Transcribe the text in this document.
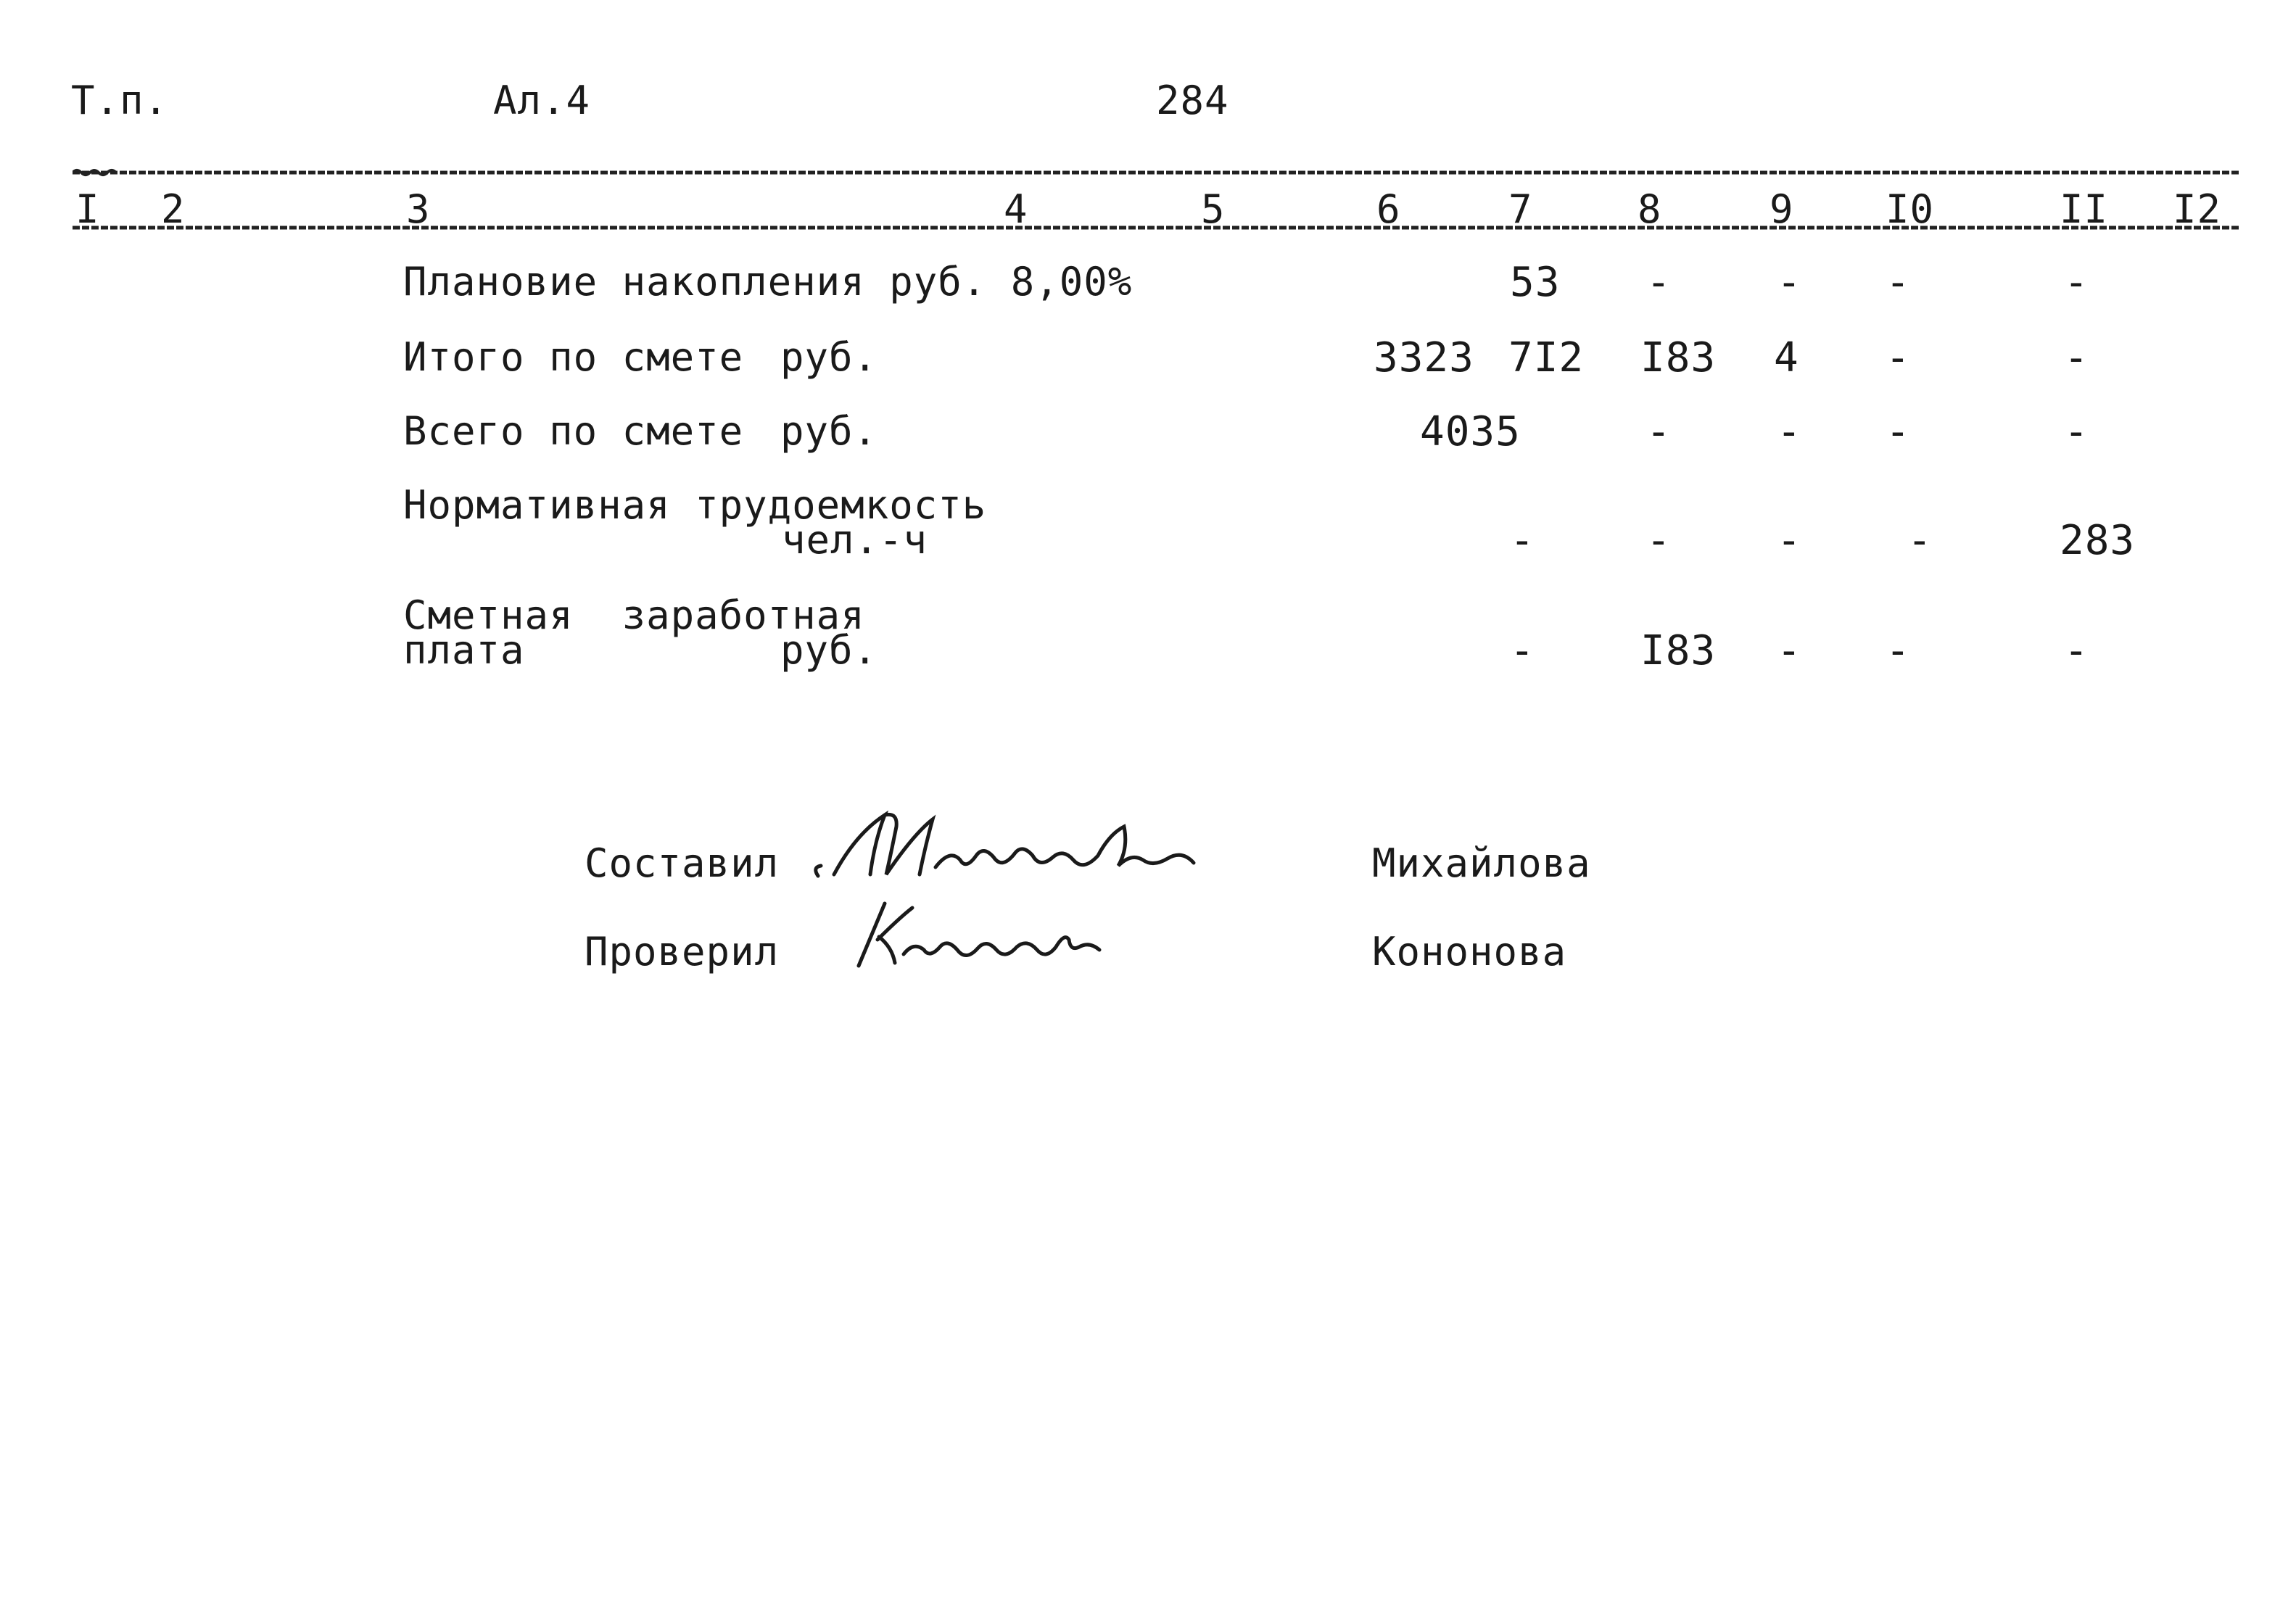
Т.п.	Ал.4	284
I 2	3	4	5	6	7	8	9 I0	II I2
Плановие накопления руб. 8,00%	53 -	- -	-
Итого по смете руб.	3323 7I2 I83 4 -	-
Всего по смете руб.	4035	-	- -	-
Нормативная трудоемкость
чел.-ч	-	-	-	-	283
Сметная  заработная
плата	руб.	-	I83 - -	-
Составил	Михайлова
Проверил	Кононова
